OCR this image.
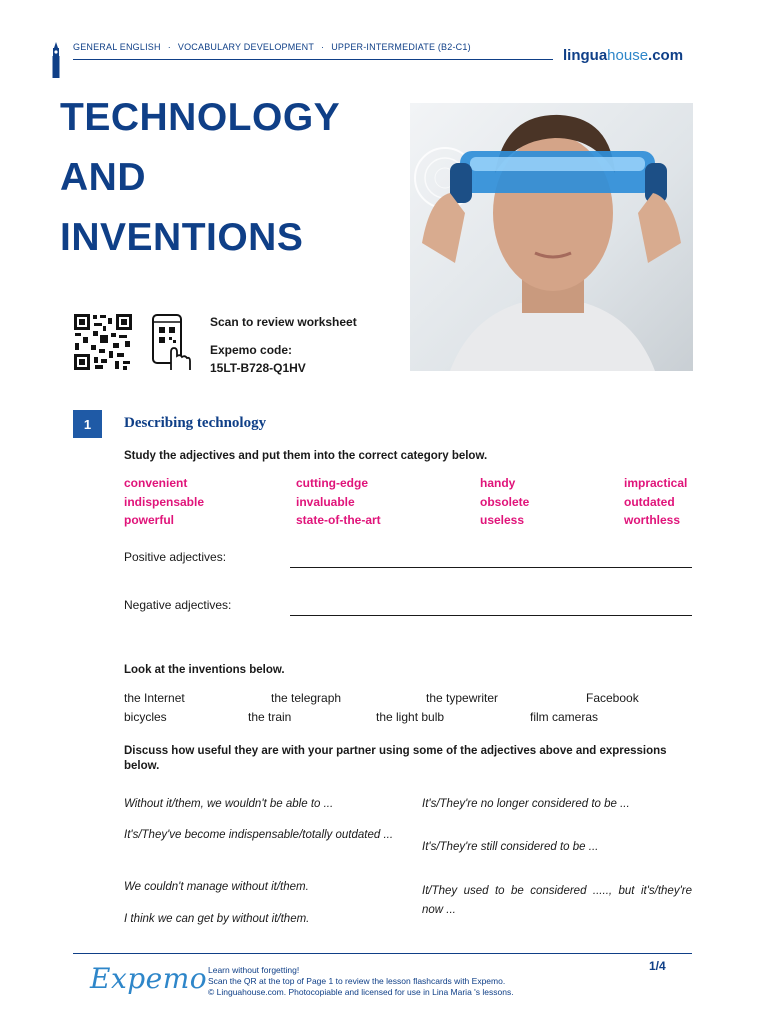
GENERAL ENGLISH · VOCABULARY DEVELOPMENT · UPPER-INTERMEDIATE (B2-C1)	linguahouse.com
TECHNOLOGY
AND
INVENTIONS
Scan to review worksheet
Expemo code:
15LT-B728-Q1HV
1	Describing technology
Study the adjectives and put them into the correct category below.
convenient	cutting-edge	handy	impractical
indispensable	invaluable	obsolete	outdated
powerful	state-of-the-art	useless	worthless
Positive adjectives:
Negative adjectives:
Look at the inventions below.
the Internet	the telegraph	the typewriter	Facebook
bicycles	the train	the light bulb	film cameras
Discuss how useful they are with your partner using some of the adjectives above and expressions below.
Without it/them, we wouldn't be able to ...
It's/They've become indispensable/totally outdated ...
We couldn't manage without it/them.
I think we can get by without it/them.
It's/They're no longer considered to be ...
It's/They're still considered to be ...
It/They used to be considered ....., but it's/they're now ...
Expemo Learn without forgetting!
Scan the QR at the top of Page 1 to review the lesson flashcards with Expemo.
© Linguahouse.com. Photocopiable and licensed for use in Lina Maria 's lessons.
1/4
